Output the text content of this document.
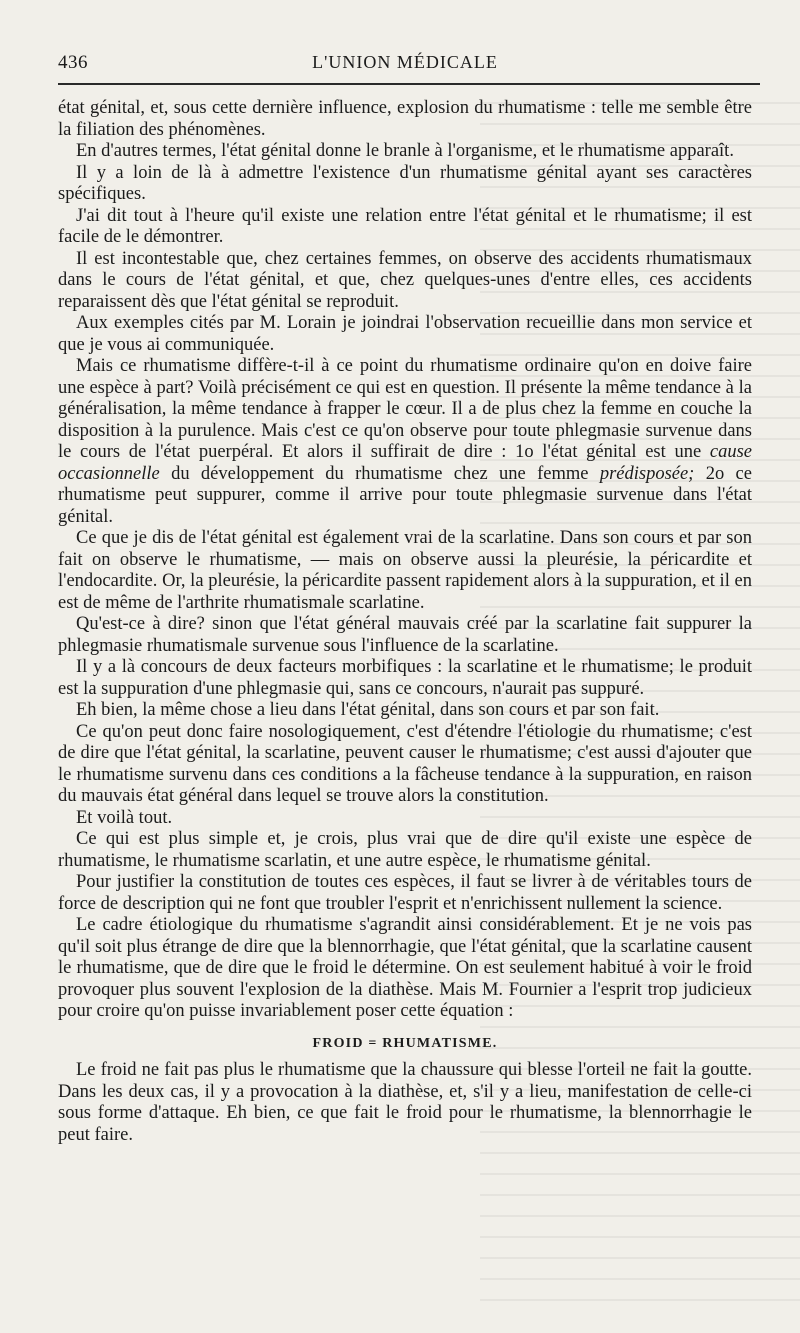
436	L'UNION MÉDICALE

état génital, et, sous cette dernière influence, explosion du rhumatisme : telle me semble être la filiation des phénomènes.

En d'autres termes, l'état génital donne le branle à l'organisme, et le rhumatisme apparaît.

Il y a loin de là à admettre l'existence d'un rhumatisme génital ayant ses caractères spécifiques.

J'ai dit tout à l'heure qu'il existe une relation entre l'état génital et le rhumatisme; il est facile de le démontrer.

Il est incontestable que, chez certaines femmes, on observe des accidents rhumatismaux dans le cours de l'état génital, et que, chez quelques-unes d'entre elles, ces accidents reparaissent dès que l'état génital se reproduit.

Aux exemples cités par M. Lorain je joindrai l'observation recueillie dans mon service et que je vous ai communiquée.

Mais ce rhumatisme diffère-t-il à ce point du rhumatisme ordinaire qu'on en doive faire une espèce à part? Voilà précisément ce qui est en question. Il présente la même tendance à la généralisation, la même tendance à frapper le cœur. Il a de plus chez la femme en couche la disposition à la purulence. Mais c'est ce qu'on observe pour toute phlegmasie survenue dans le cours de l'état puerpéral. Et alors il suffirait de dire : 1o l'état génital est une cause occasionnelle du développement du rhumatisme chez une femme prédisposée; 2o ce rhumatisme peut suppurer, comme il arrive pour toute phlegmasie survenue dans l'état génital.

Ce que je dis de l'état génital est également vrai de la scarlatine. Dans son cours et par son fait on observe le rhumatisme, — mais on observe aussi la pleurésie, la péricardite et l'endocardite. Or, la pleurésie, la péricardite passent rapidement alors à la suppuration, et il en est de même de l'arthrite rhumatismale scarlatine.

Qu'est-ce à dire? sinon que l'état général mauvais créé par la scarlatine fait suppurer la phlegmasie rhumatismale survenue sous l'influence de la scarlatine.

Il y a là concours de deux facteurs morbifiques : la scarlatine et le rhumatisme; le produit est la suppuration d'une phlegmasie qui, sans ce concours, n'aurait pas suppuré.

Eh bien, la même chose a lieu dans l'état génital, dans son cours et par son fait.

Ce qu'on peut donc faire nosologiquement, c'est d'étendre l'étiologie du rhumatisme; c'est de dire que l'état génital, la scarlatine, peuvent causer le rhumatisme; c'est aussi d'ajouter que le rhumatisme survenu dans ces conditions a la fâcheuse tendance à la suppuration, en raison du mauvais état général dans lequel se trouve alors la constitution.

Et voilà tout.

Ce qui est plus simple et, je crois, plus vrai que de dire qu'il existe une espèce de rhumatisme, le rhumatisme scarlatin, et une autre espèce, le rhumatisme génital.

Pour justifier la constitution de toutes ces espèces, il faut se livrer à de véritables tours de force de description qui ne font que troubler l'esprit et n'enrichissent nullement la science.

Le cadre étiologique du rhumatisme s'agrandit ainsi considérablement. Et je ne vois pas qu'il soit plus étrange de dire que la blennorrhagie, que l'état génital, que la scarlatine causent le rhumatisme, que de dire que le froid le détermine. On est seulement habitué à voir le froid provoquer plus souvent l'explosion de la diathèse. Mais M. Fournier a l'esprit trop judicieux pour croire qu'on puisse invariablement poser cette équation :

FROID = RHUMATISME.

Le froid ne fait pas plus le rhumatisme que la chaussure qui blesse l'orteil ne fait la goutte. Dans les deux cas, il y a provocation à la diathèse, et, s'il y a lieu, manifestation de celle-ci sous forme d'attaque. Eh bien, ce que fait le froid pour le rhumatisme, la blennorrhagie le peut faire.
